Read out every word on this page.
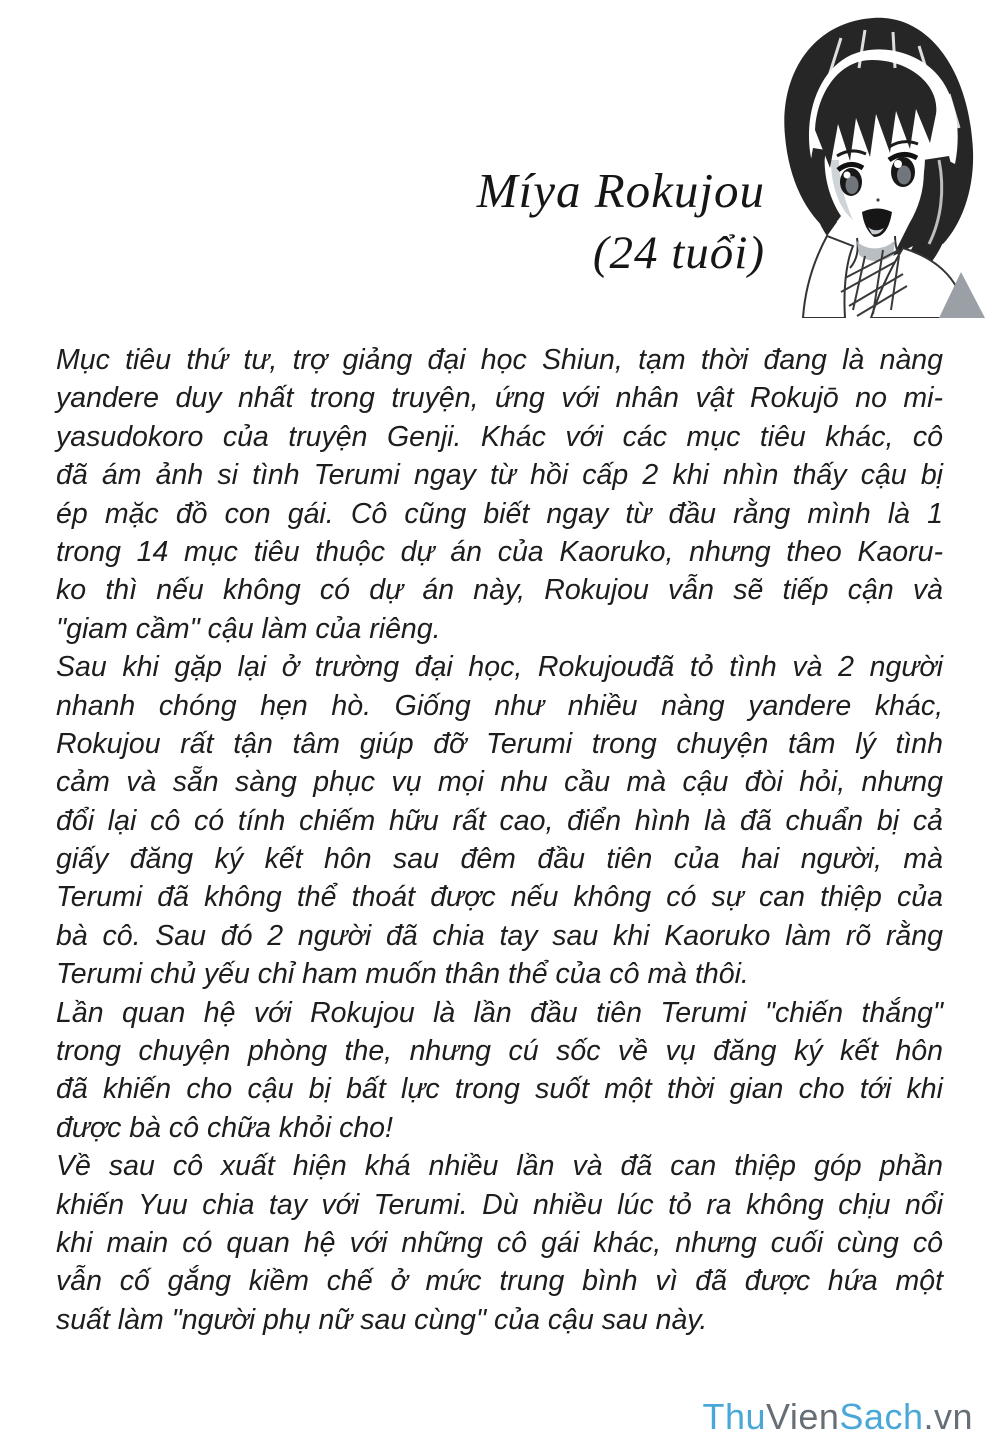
Míya Rokujou
(24 tuổi)
Mục tiêu thứ tư, trợ giảng đại học Shiun, tạm thời đang là nàng
yandere duy nhất trong truyện, ứng với nhân vật Rokujō no mi-
yasudokoro của truyện Genji. Khác với các mục tiêu khác, cô
đã ám ảnh si tình Terumi ngay từ hồi cấp 2 khi nhìn thấy cậu bị
ép mặc đồ con gái. Cô cũng biết ngay từ đầu rằng mình là 1
trong 14 mục tiêu thuộc dự án của Kaoruko, nhưng theo Kaoru-
ko thì nếu không có dự án này, Rokujou vẫn sẽ tiếp cận và
"giam cầm" cậu làm của riêng.
Sau khi gặp lại ở trường đại học, Rokujouđã tỏ tình và 2 người
nhanh chóng hẹn hò. Giống như nhiều nàng yandere khác,
Rokujou rất tận tâm giúp đỡ Terumi trong chuyện tâm lý tình
cảm và sẵn sàng phục vụ mọi nhu cầu mà cậu đòi hỏi, nhưng
đổi lại cô có tính chiếm hữu rất cao, điển hình là đã chuẩn bị cả
giấy đăng ký kết hôn sau đêm đầu tiên của hai người, mà
Terumi đã không thể thoát được nếu không có sự can thiệp của
bà cô. Sau đó 2 người đã chia tay sau khi Kaoruko làm rõ rằng
Terumi chủ yếu chỉ ham muốn thân thể của cô mà thôi.
Lần quan hệ với Rokujou là lần đầu tiên Terumi "chiến thắng"
trong chuyện phòng the, nhưng cú sốc về vụ đăng ký kết hôn
đã khiến cho cậu bị bất lực trong suốt một thời gian cho tới khi
được bà cô chữa khỏi cho!
Về sau cô xuất hiện khá nhiều lần và đã can thiệp góp phần
khiến Yuu chia tay với Terumi. Dù nhiều lúc tỏ ra không chịu nổi
khi main có quan hệ với những cô gái khác, nhưng cuối cùng cô
vẫn cố gắng kiềm chế ở mức trung bình vì đã được hứa một
suất làm "người phụ nữ sau cùng" của cậu sau này.
ThuVienSach.vn
